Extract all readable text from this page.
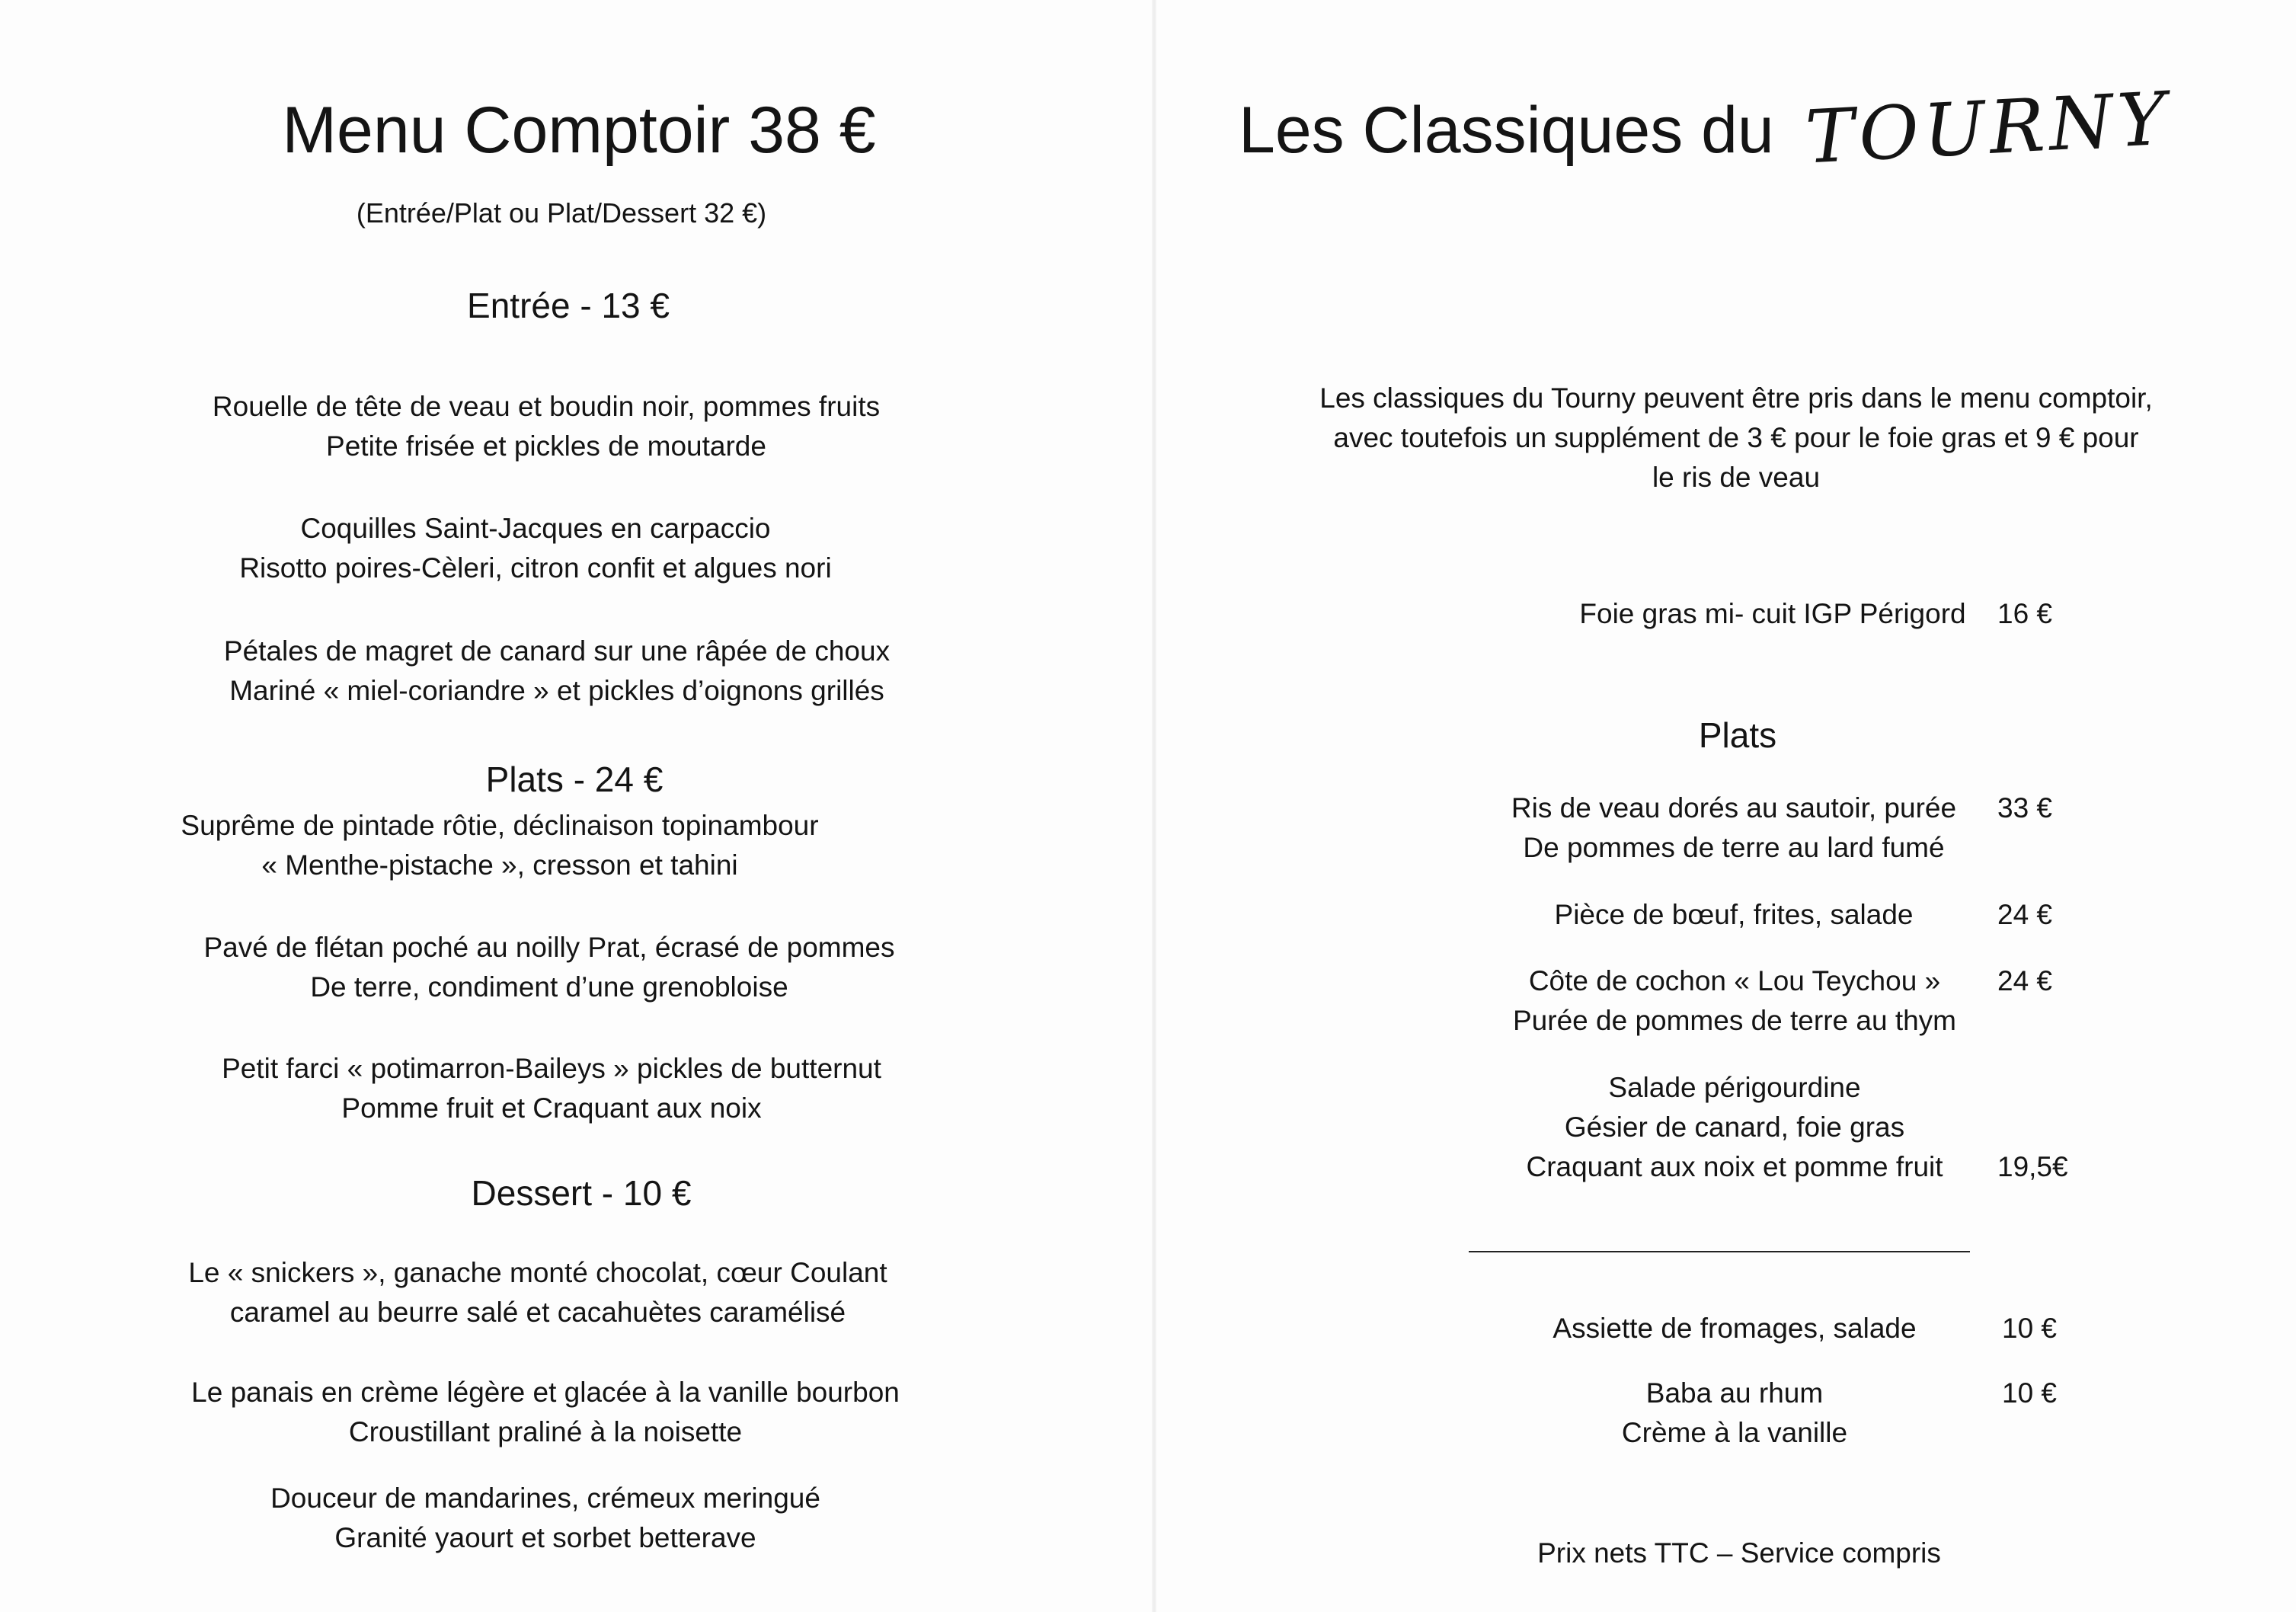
Menu Comptoir 38 €
(Entrée/Plat ou Plat/Dessert 32 €)
Entrée - 13 €
Rouelle de tête de veau et boudin noir, pommes fruits
Petite frisée et pickles de moutarde
Coquilles Saint-Jacques en carpaccio
Risotto poires-Cèleri, citron confit et algues nori
Pétales de magret de canard sur une râpée de choux
Mariné « miel-coriandre » et pickles d’oignons grillés
Plats - 24 €
Suprême de pintade rôtie, déclinaison topinambour
« Menthe-pistache », cresson et tahini
Pavé de flétan poché au noilly Prat, écrasé de pommes
De terre, condiment d’une grenobloise
Petit farci « potimarron-Baileys » pickles de butternut
Pomme fruit et Craquant aux noix
Dessert - 10 €
Le « snickers », ganache monté chocolat, cœur Coulant
caramel au beurre salé et cacahuètes caramélisé
Le panais en crème légère et glacée à la vanille bourbon
Croustillant praliné à la noisette
Douceur de mandarines, crémeux meringué
Granité yaourt et sorbet betterave
Les Classiques du TOURNY
Les classiques du Tourny peuvent être pris dans le menu comptoir,
avec toutefois un supplément de 3 € pour le foie gras et 9 € pour
le ris de veau
Foie gras mi- cuit IGP Périgord 16 €
Plats
Ris de veau dorés au sautoir, purée
De pommes de terre au lard fumé
33 €
Pièce de bœuf, frites, salade	24 €
Côte de cochon « Lou Teychou »
Purée de pommes de terre au thym
24 €
Salade périgourdine
Gésier de canard, foie gras
Craquant aux noix et pomme fruit 19,5€
Assiette de fromages, salade	10 €
Baba au rhum
Crème à la vanille
10 €
Prix nets TTC – Service compris
